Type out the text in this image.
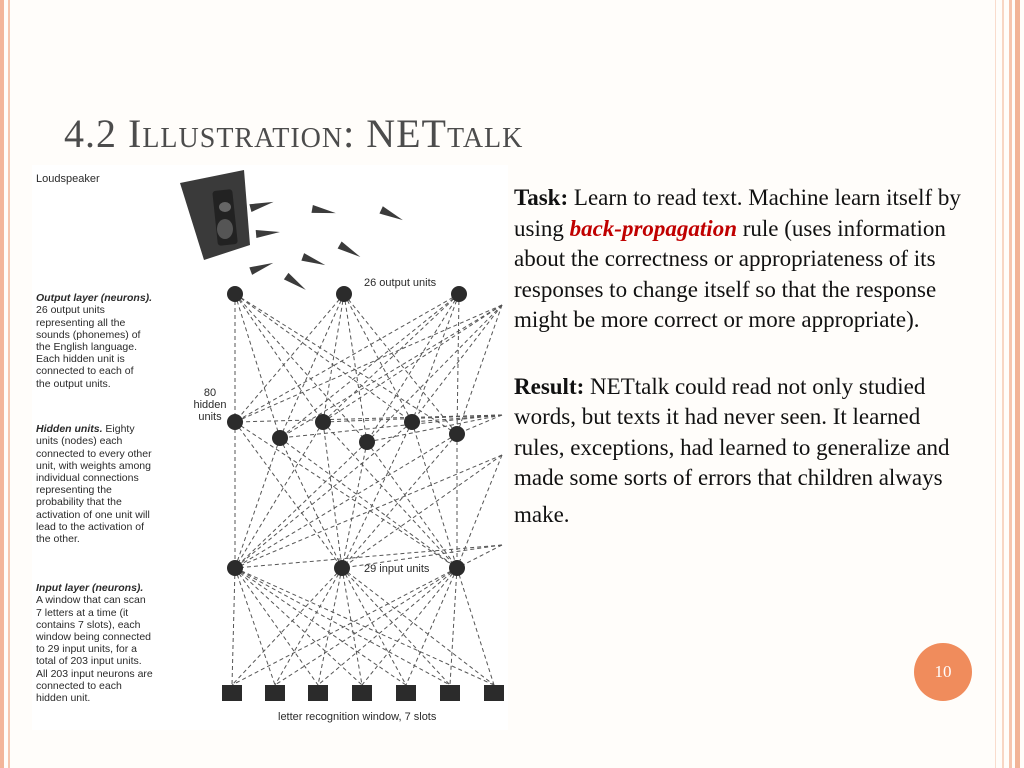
4.2 Illustration: NETtalk
Loudspeaker
26 output units
80
hidden
units
29 input units
letter recognition window, 7 slots

Output layer (neurons).
26 output units
representing all the
sounds (phonemes) of
the English language.
Each hidden unit is
connected to each of
the output units.

Hidden units. Eighty
units (nodes) each
connected to every other
unit, with weights among
individual connections
representing the
probability that the
activation of one unit will
lead to the activation of
the other.

Input layer (neurons).
A window that can scan
7 letters at a time (it
contains 7 slots), each
window being connected
to 29 input units, for a
total of 203 input units.
All 203 input neurons are
connected to each
hidden unit.

Task: Learn to read text. Machine learn itself by using back-propagation rule (uses information about the correctness or appropriateness of its responses to change itself so that the response might be more correct or more appropriate).

Result: NETtalk could read not only studied words, but texts it had never seen. It learned rules, exceptions, had learned to generalize and made some sorts of errors that children always

make.

10
